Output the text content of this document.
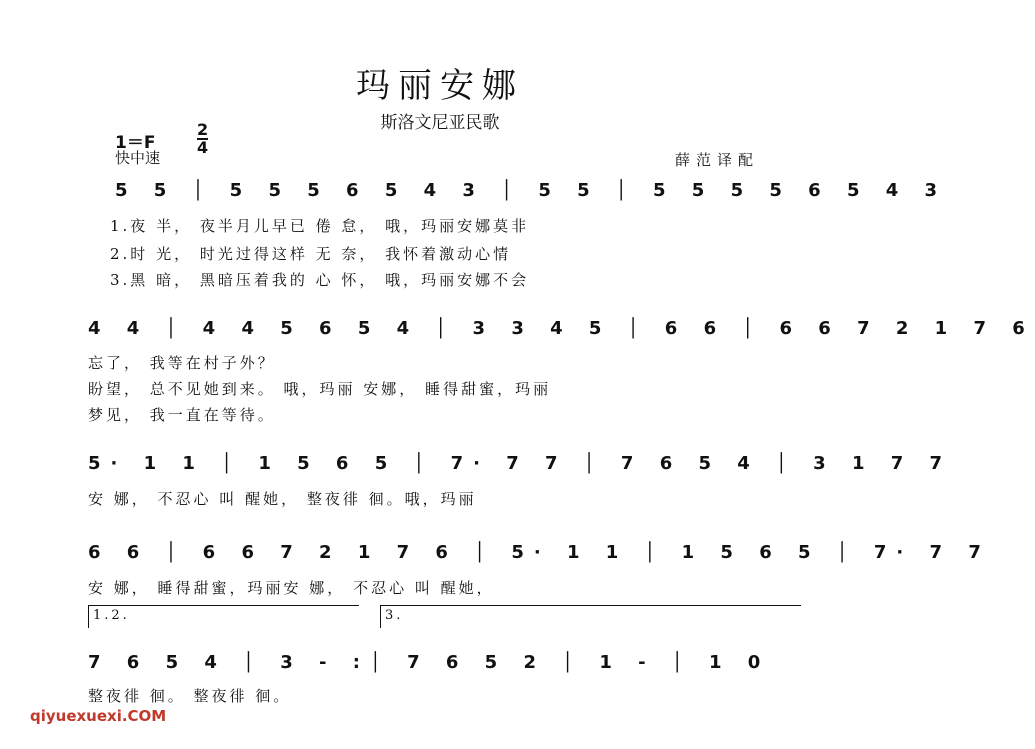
玛丽安娜
斯洛文尼亚民歌
1＝F
2
4
快中速	薛范译配
5 5 │ 5 5 5 6 5 4 3 │ 5 5 │ 5 5 5 5 6 5 4 3
1.夜 半， 夜半月儿早已 倦 怠， 哦，玛丽安娜莫非
2.时 光， 时光过得这样 无 奈， 我怀着激动心情
3.黑 暗， 黑暗压着我的 心 怀， 哦，玛丽安娜不会
4 4 │ 4 4 5 6 5 4 │ 3 3 4 5 │ 6 6 │ 6 6 7 2 1 7 6
忘了， 我等在村子外？
盼望， 总不见她到来。 哦，玛丽 安娜， 睡得甜蜜，玛丽
梦见， 我一直在等待。
5· 1 1 │ 1 5 6 5 │ 7· 7 7 │ 7 6 5 4 │ 3 1 7 7
安 娜， 不忍心 叫 醒她， 整夜徘 徊。哦，玛丽
6 6 │ 6 6 7 2 1 7 6 │ 5· 1 1 │ 1 5 6 5 │ 7· 7 7
安 娜， 睡得甜蜜，玛丽安 娜， 不忍心 叫 醒她，
1.2.	3.
7 6 5 4 │ 3 - :│ 7 6 5 2 │ 1 - │ 1 0
整夜徘 徊。 整夜徘 徊。
qiyuexuexi.COM
